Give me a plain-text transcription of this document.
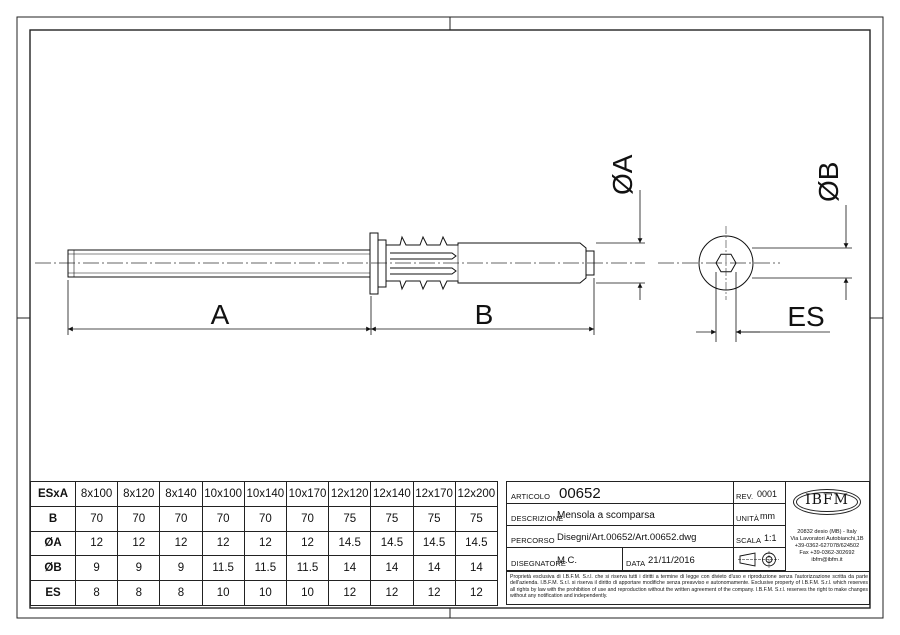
ØA
A	B
ØB
ES
ESxA	8x100	8x120	8x140	10x100	10x140	10x170	12x120	12x140	12x170	12x200
B	70	70	70	70	70	70	75	75	75	75
ØA	12	12	12	12	12	12	14.5	14.5	14.5	14.5
ØB	9	9	9	11.5	11.5	11.5	14	14	14	14
ES	8	8	8	10	10	10	12	12	12	12
ARTICOLO 00652	REV. 0001
DESCRIZIONE
Mensola a scomparsa	UNITÀ mm
PERCORSO Disegni/Art.00652/Art.00652.dwg	SCALA 1:1
DISEGNATORE
M.C.	DATA 21/11/2016
IBFM
20832 desio (MB) - Italy
Via Lavoratori Autobianchi,1B
+39-0362-627078/624502
Fax +39-0362-302692
ibfm@ibfm.it
Proprietà esclusiva di I.B.F.M. S.r.l. che si riserva tutti i diritti a termine di legge con divieto d'uso e riproduzione senza l'autorizzazione scritta da parte dell'azienda. I.B.F.M. S.r.l. si riserva il diritto di apportare modifiche senza preavviso e autonomamente. Exclusive property of I.B.F.M. S.r.l. which reserves all rights by law with the prohibition of use and reproduction without the written agreement of the company. I.B.F.M. S.r.l. reserves the right to make changes without any notification and independently.
